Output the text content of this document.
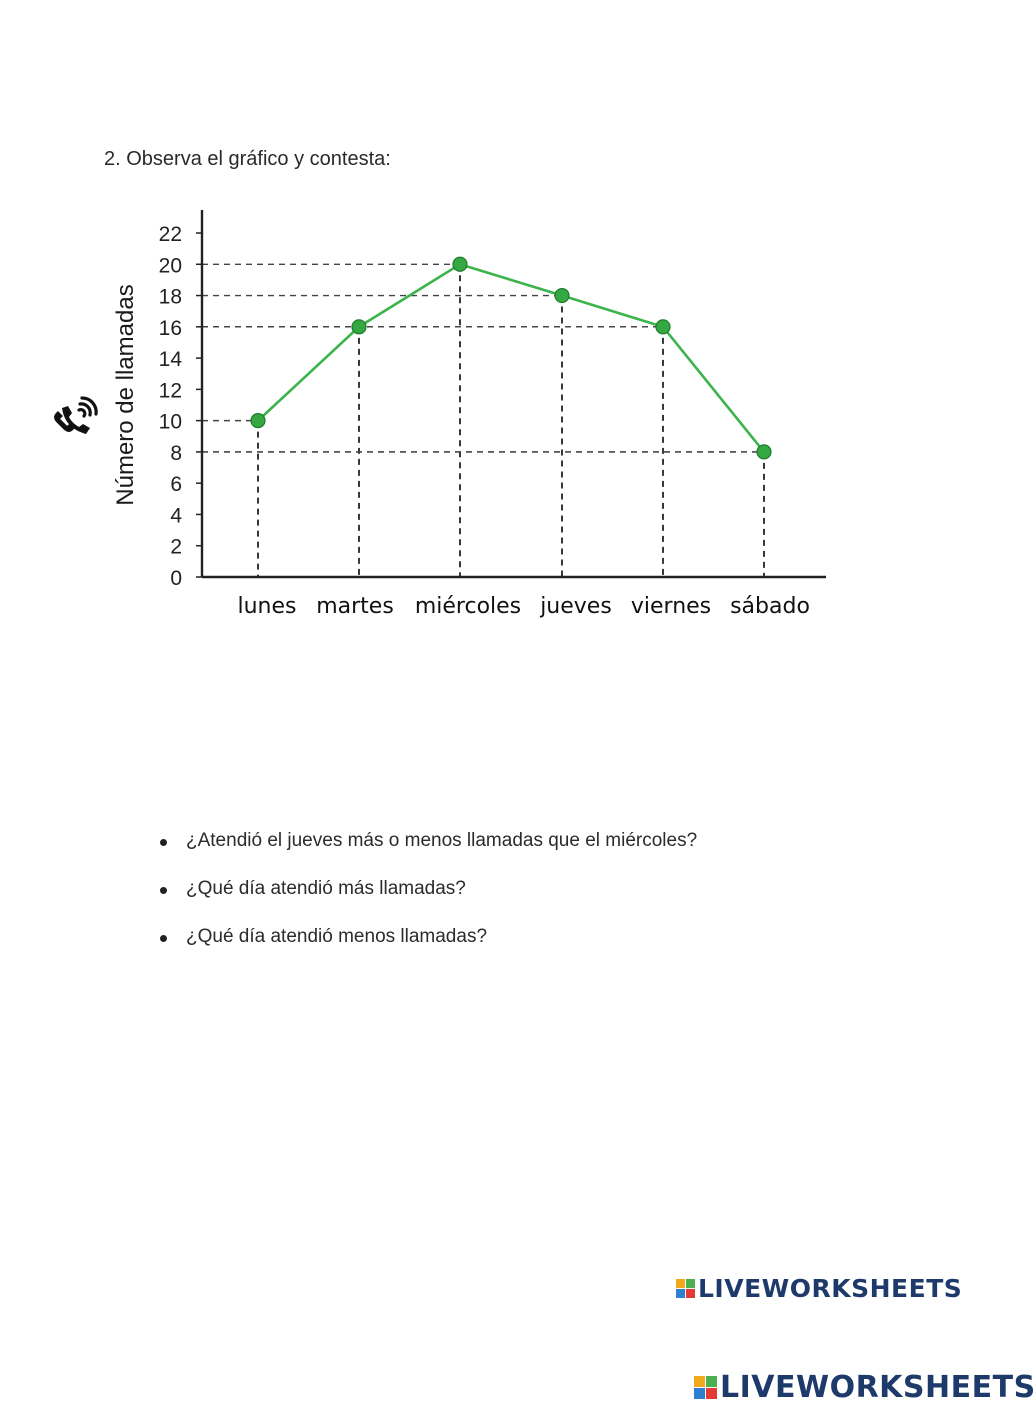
2. Observa el gráfico y contesta:
0
2
4
6
8
10
12
14
16
18
20
22
Número de llamadas
lunes martes miércoles jueves viernes sábado
¿Atendió el jueves más o menos llamadas que el miércoles?
¿Qué día atendió más llamadas?
¿Qué día atendió menos llamadas?
LIVEWORKSHEETS
LIVEWORKSHEETS
